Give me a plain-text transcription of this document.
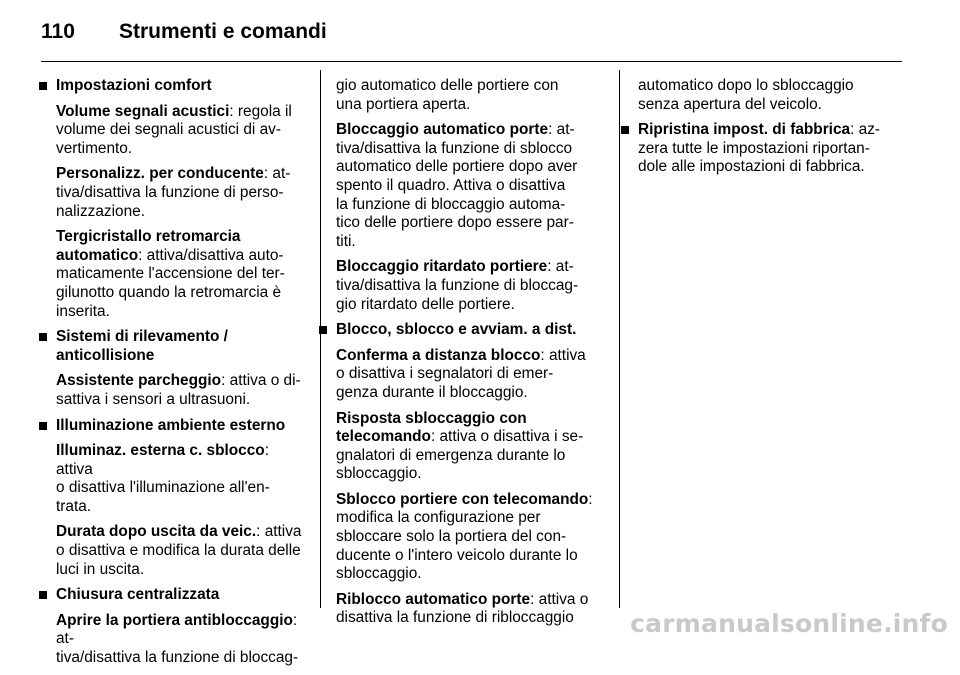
110 Strumenti e comandi
Impostazioni comfort

Volume segnali acustici: regola il
volume dei segnali acustici di av-
vertimento.

Personalizz. per conducente: at-
tiva/disattiva la funzione di perso-
nalizzazione.

Tergicristallo retromarcia
automatico: attiva/disattiva auto-
maticamente l'accensione del ter-
gilunotto quando la retromarcia è
inserita.

Sistemi di rilevamento /
anticollisione

Assistente parcheggio: attiva o di-
sattiva i sensori a ultrasuoni.

Illuminazione ambiente esterno

Illuminaz. esterna c. sblocco: attiva
o disattiva l'illuminazione all'en-
trata.

Durata dopo uscita da veic.: attiva
o disattiva e modifica la durata delle
luci in uscita.

Chiusura centralizzata

Aprire la portiera antibloccaggio: at-
tiva/disattiva la funzione di bloccag-

gio automatico delle portiere con
una portiera aperta.

Bloccaggio automatico porte: at-
tiva/disattiva la funzione di sblocco
automatico delle portiere dopo aver
spento il quadro. Attiva o disattiva
la funzione di bloccaggio automa-
tico delle portiere dopo essere par-
titi.

Bloccaggio ritardato portiere: at-
tiva/disattiva la funzione di bloccag-
gio ritardato delle portiere.

Blocco, sblocco e avviam. a dist.

Conferma a distanza blocco: attiva
o disattiva i segnalatori di emer-
genza durante il bloccaggio.

Risposta sbloccaggio con
telecomando: attiva o disattiva i se-
gnalatori di emergenza durante lo
sbloccaggio.

Sblocco portiere con telecomando:
modifica la configurazione per
sbloccare solo la portiera del con-
ducente o l'intero veicolo durante lo
sbloccaggio.

Riblocco automatico porte: attiva o
disattiva la funzione di ribloccaggio

automatico dopo lo sbloccaggio
senza apertura del veicolo.

Ripristina impost. di fabbrica: az-
zera tutte le impostazioni riportan-
dole alle impostazioni di fabbrica.
carmanualsonline.info
